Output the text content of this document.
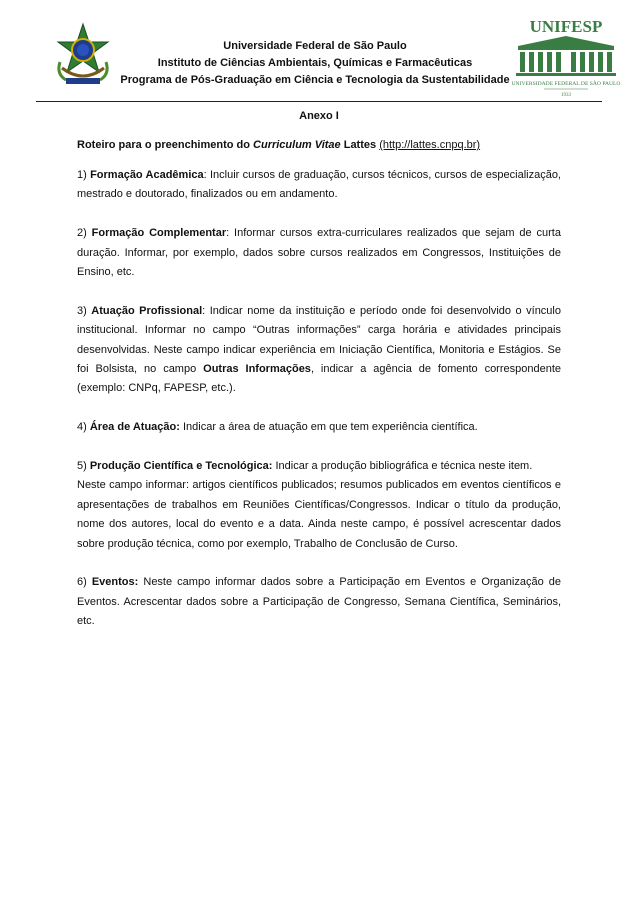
Universidade Federal de São Paulo
Instituto de Ciências Ambientais, Químicas e Farmacêuticas
Programa de Pós-Graduação em Ciência e Tecnologia da Sustentabilidade
UNIFESP
UNIVERSIDADE FEDERAL DE SÃO PAULO
1933
Anexo I
Roteiro para o preenchimento do Curriculum Vitae Lattes (http://lattes.cnpq.br)

1) Formação Acadêmica: Incluir cursos de graduação, cursos técnicos, cursos de especialização, mestrado e doutorado, finalizados ou em andamento.

2) Formação Complementar: Informar cursos extra-curriculares realizados que sejam de curta duração. Informar, por exemplo, dados sobre cursos realizados em Congressos, Instituições de Ensino, etc.

3) Atuação Profissional: Indicar nome da instituição e período onde foi desenvolvido o vínculo institucional. Informar no campo “Outras informações” carga horária e atividades principais desenvolvidas. Neste campo indicar experiência em Iniciação Científica, Monitoria e Estágios. Se foi Bolsista, no campo Outras Informações, indicar a agência de fomento correspondente (exemplo: CNPq, FAPESP, etc.).

4) Área de Atuação: Indicar a área de atuação em que tem experiência científica.

5) Produção Científica e Tecnológica: Indicar a produção bibliográfica e técnica neste item.

Neste campo informar: artigos científicos publicados; resumos publicados em eventos científicos e apresentações de trabalhos em Reuniões Científicas/Congressos. Indicar o título da produção, nome dos autores, local do evento e a data. Ainda neste campo, é possível acrescentar dados sobre produção técnica, como por exemplo, Trabalho de Conclusão de Curso.

6) Eventos: Neste campo informar dados sobre a Participação em Eventos e Organização de Eventos. Acrescentar dados sobre a Participação de Congresso, Semana Científica, Seminários, etc.
